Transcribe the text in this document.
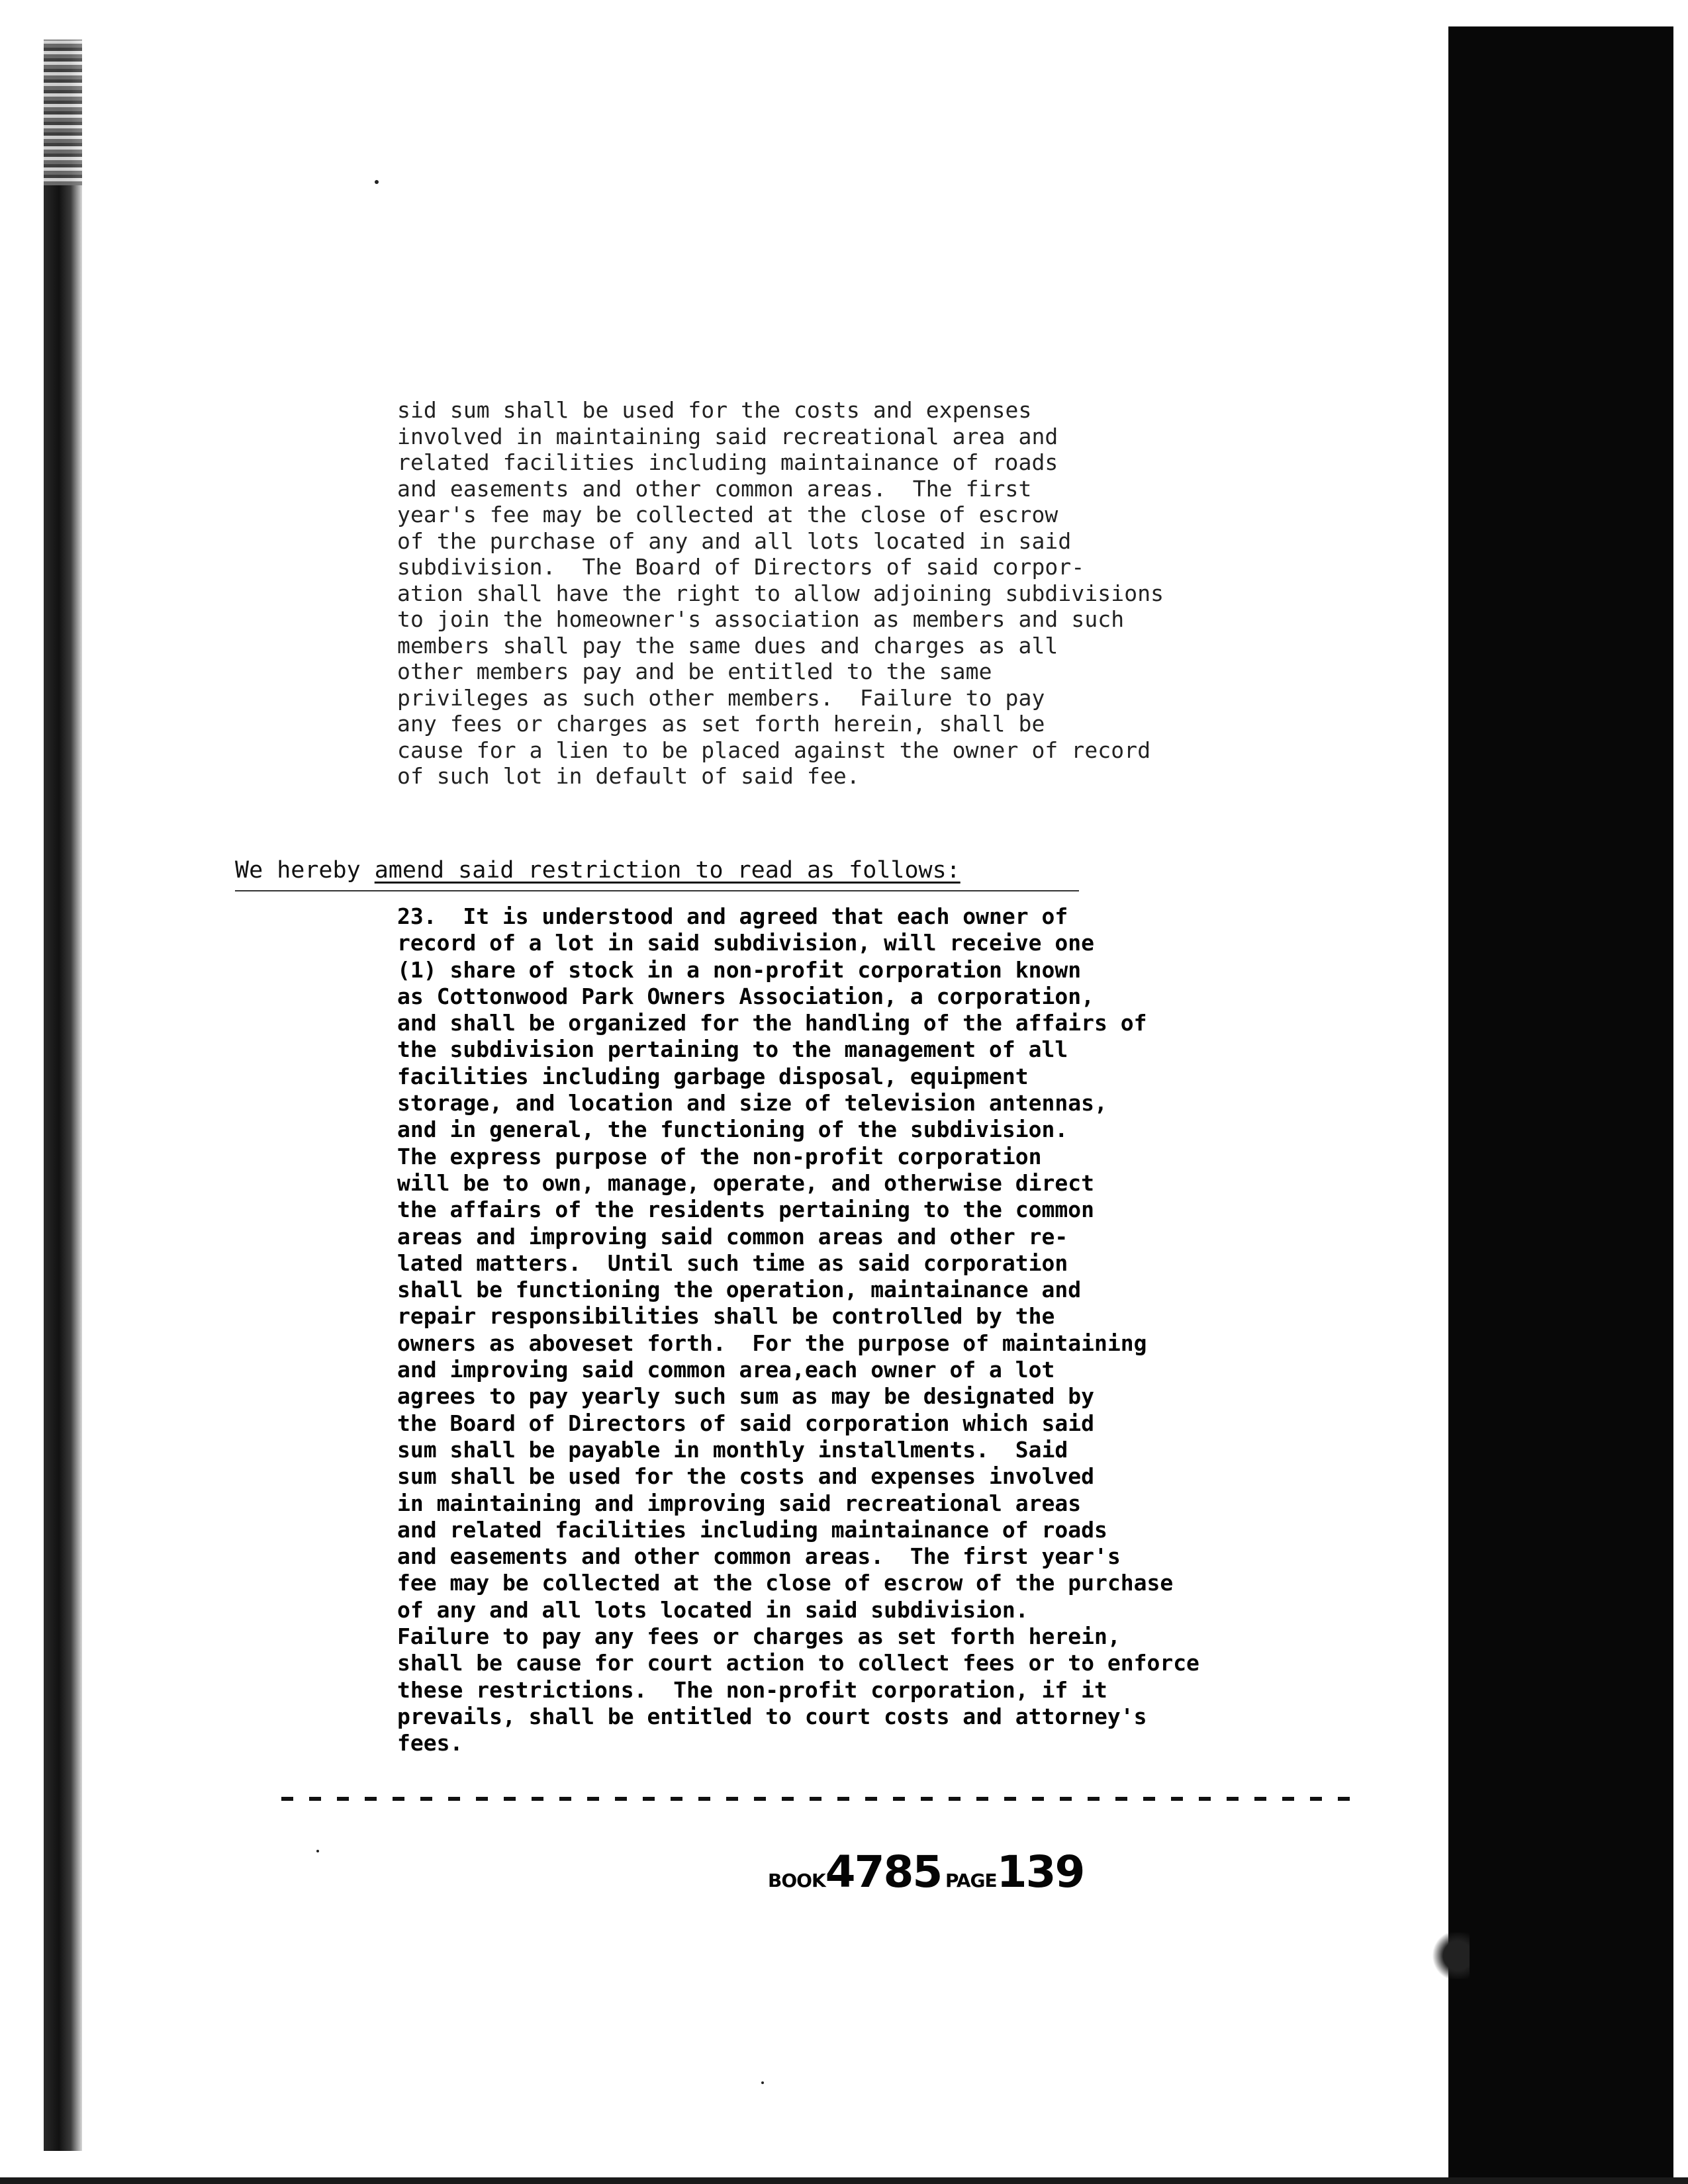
sid sum shall be used for the costs and expenses
involved in maintaining said recreational area and
related facilities including maintainance of roads
and easements and other common areas.  The first
year's fee may be collected at the close of escrow
of the purchase of any and all lots located in said
subdivision.  The Board of Directors of said corpor-
ation shall have the right to allow adjoining subdivisions
to join the homeowner's association as members and such
members shall pay the same dues and charges as all
other members pay and be entitled to the same
privileges as such other members.  Failure to pay
any fees or charges as set forth herein, shall be
cause for a lien to be placed against the owner of record
of such lot in default of said fee.

We hereby amend said restriction to read as follows:

23.  It is understood and agreed that each owner of
record of a lot in said subdivision, will receive one
(1) share of stock in a non-profit corporation known
as Cottonwood Park Owners Association, a corporation,
and shall be organized for the handling of the affairs of
the subdivision pertaining to the management of all
facilities including garbage disposal, equipment
storage, and location and size of television antennas,
and in general, the functioning of the subdivision.
The express purpose of the non-profit corporation
will be to own, manage, operate, and otherwise direct
the affairs of the residents pertaining to the common
areas and improving said common areas and other re-
lated matters.  Until such time as said corporation
shall be functioning the operation, maintainance and
repair responsibilities shall be controlled by the
owners as aboveset forth.  For the purpose of maintaining
and improving said common area,each owner of a lot
agrees to pay yearly such sum as may be designated by
the Board of Directors of said corporation which said
sum shall be payable in monthly installments.  Said
sum shall be used for the costs and expenses involved
in maintaining and improving said recreational areas
and related facilities including maintainance of roads
and easements and other common areas.  The first year's
fee may be collected at the close of escrow of the purchase
of any and all lots located in said subdivision.
Failure to pay any fees or charges as set forth herein,
shall be cause for court action to collect fees or to enforce
these restrictions.  The non-profit corporation, if it
prevails, shall be entitled to court costs and attorney's
fees.

BOOK4785 PAGE139
